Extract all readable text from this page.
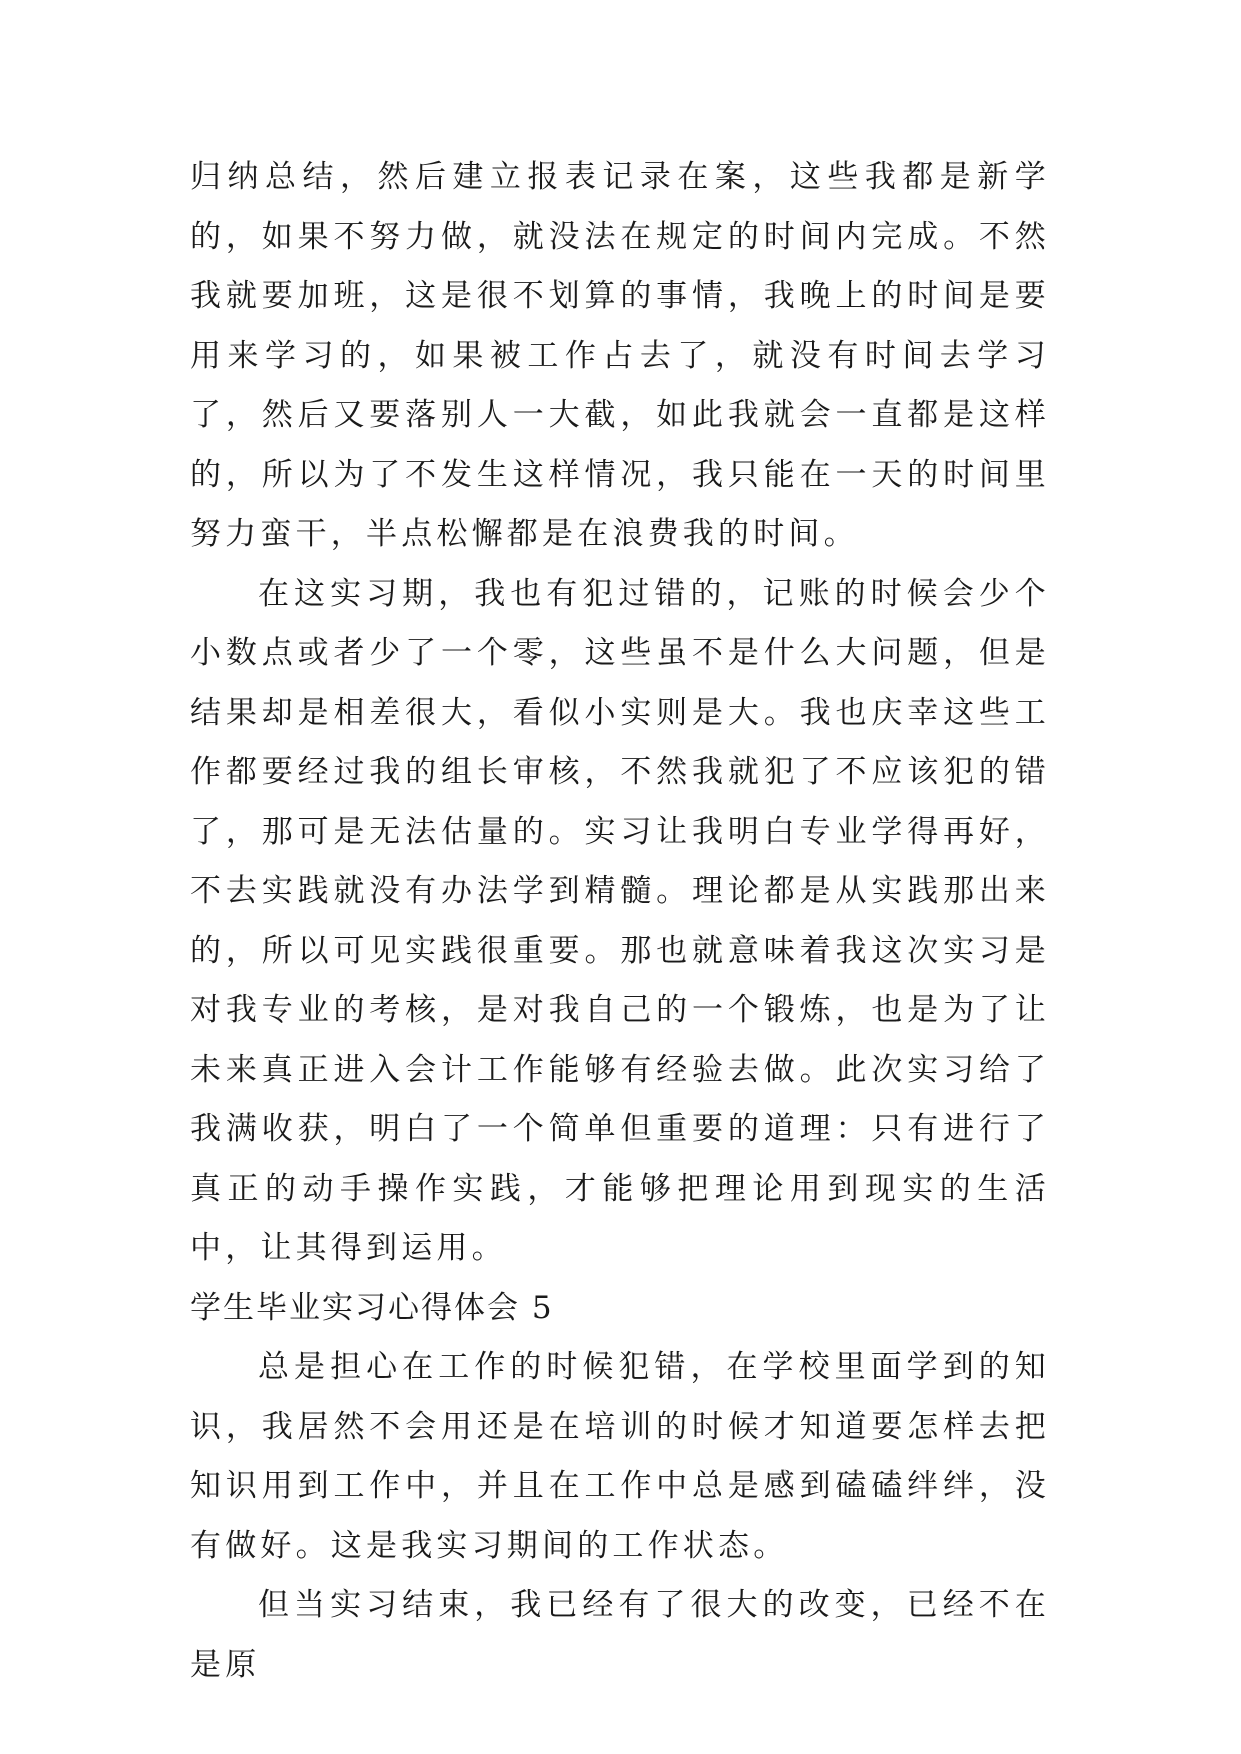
归纳总结，然后建立报表记录在案，这些我都是新学的，如果不努力做，就没法在规定的时间内完成。不然我就要加班，这是很不划算的事情，我晚上的时间是要用来学习的，如果被工作占去了，就没有时间去学习了，然后又要落别人一大截，如此我就会一直都是这样的，所以为了不发生这样情况，我只能在一天的时间里努力蛮干，半点松懈都是在浪费我的时间。

在这实习期，我也有犯过错的，记账的时候会少个小数点或者少了一个零，这些虽不是什么大问题，但是结果却是相差很大，看似小实则是大。我也庆幸这些工作都要经过我的组长审核，不然我就犯了不应该犯的错了，那可是无法估量的。实习让我明白专业学得再好，不去实践就没有办法学到精髓。理论都是从实践那出来的，所以可见实践很重要。那也就意味着我这次实习是对我专业的考核，是对我自己的一个锻炼，也是为了让未来真正进入会计工作能够有经验去做。此次实习给了我满收获，明白了一个简单但重要的道理：只有进行了真正的动手操作实践，才能够把理论用到现实的生活中，让其得到运用。

学生毕业实习心得体会 5

总是担心在工作的时候犯错，在学校里面学到的知识，我居然不会用还是在培训的时候才知道要怎样去把知识用到工作中，并且在工作中总是感到磕磕绊绊，没有做好。这是我实习期间的工作状态。

但当实习结束，我已经有了很大的改变，已经不在是原
